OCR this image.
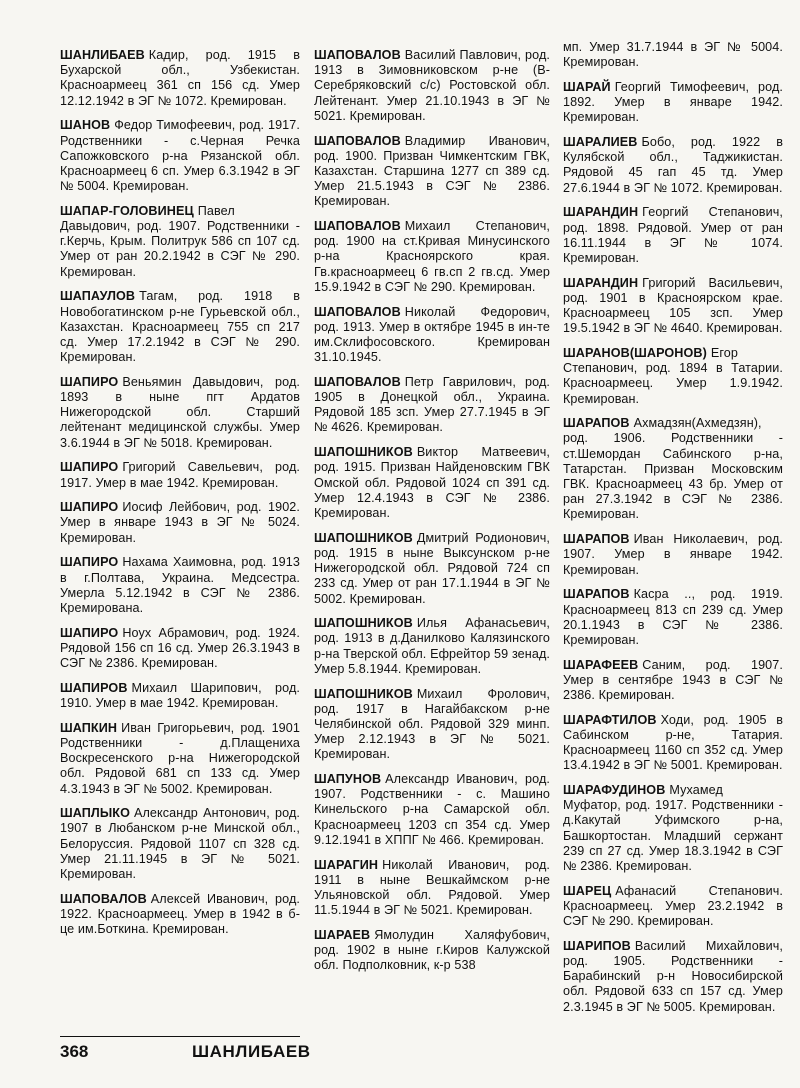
ШАНЛИБАЕВ Кадир, род. 1915 в Бухарской обл., Узбекистан. Красноармеец 361 сп 156 сд. Умер 12.12.1942 в ЭГ № 1072. Кремирован.

ШАНОВ Федор Тимофеевич, род. 1917. Родственники - с.Черная Речка Сапожковского р-на Рязанской обл. Красноармеец 6 сп. Умер 6.3.1942 в ЭГ № 5004. Кремирован.

ШАПАР-ГОЛОВИНЕЦ Павел Давыдович, род. 1907. Родственники - г.Керчь, Крым. Политрук 586 сп 107 сд. Умер от ран 20.2.1942 в СЭГ № 290. Кремирован.

ШАПАУЛОВ Тагам, род. 1918 в Новобогатинском р-не Гурьевской обл., Казахстан. Красноармеец 755 сп 217 сд. Умер 17.2.1942 в СЭГ № 290. Кремирован.

ШАПИРО Веньямин Давыдович, род. 1893 в ныне пгт Ардатов Нижегородской обл. Старший лейтенант медицинской службы. Умер 3.6.1944 в ЭГ № 5018. Кремирован.

ШАПИРО Григорий Савельевич, род. 1917. Умер в мае 1942. Кремирован.

ШАПИРО Иосиф Лейбович, род. 1902. Умер в январе 1943 в ЭГ № 5024. Кремирован.

ШАПИРО Нахама Хаимовна, род. 1913 в г.Полтава, Украина. Медсестра. Умерла 5.12.1942 в СЭГ № 2386. Кремирована.

ШАПИРО Ноух Абрамович, род. 1924. Рядовой 156 сп 16 сд. Умер 26.3.1943 в СЭГ № 2386. Кремирован.

ШАПИРОВ Михаил Шарипович, род. 1910. Умер в мае 1942. Кремирован.

ШАПКИН Иван Григорьевич, род. 1901 Родственники - д.Плащениха Воскресенского р-на Нижегородской обл. Рядовой 681 сп 133 сд. Умер 4.3.1943 в ЭГ № 5002. Кремирован.

ШАПЛЫКО Александр Антонович, род. 1907 в Любанском р-не Минской обл., Белоруссия. Рядовой 1107 сп 328 сд. Умер 21.11.1945 в ЭГ № 5021. Кремирован.

ШАПОВАЛОВ Алексей Иванович, род. 1922. Красноармеец. Умер в 1942 в б-це им.Боткина. Кремирован.

ШАПОВАЛОВ Василий Павлович, род. 1913 в Зимовниковском р-не (В-Серебряковский с/с) Ростовской обл. Лейтенант. Умер 21.10.1943 в ЭГ № 5021. Кремирован.

ШАПОВАЛОВ Владимир Иванович, род. 1900. Призван Чимкентским ГВК, Казахстан. Старшина 1277 сп 389 сд. Умер 21.5.1943 в СЭГ № 2386. Кремирован.

ШАПОВАЛОВ Михаил Степанович, род. 1900 на ст.Кривая Минусинского р-на Красноярского края. Гв.красноармеец 6 гв.сп 2 гв.сд. Умер 15.9.1942 в СЭГ № 290. Кремирован.

ШАПОВАЛОВ Николай Федорович, род. 1913. Умер в октябре 1945 в ин-те им.Склифосовского. Кремирован 31.10.1945.

ШАПОВАЛОВ Петр Гаврилович, род. 1905 в Донецкой обл., Украина. Рядовой 185 зсп. Умер 27.7.1945 в ЭГ № 4626. Кремирован.

ШАПОШНИКОВ Виктор Матвеевич, род. 1915. Призван Найденовским ГВК Омской обл. Рядовой 1024 сп 391 сд. Умер 12.4.1943 в СЭГ № 2386. Кремирован.

ШАПОШНИКОВ Дмитрий Родионович, род. 1915 в ныне Выксунском р-не Нижегородской обл. Рядовой 724 сп 233 сд. Умер от ран 17.1.1944 в ЭГ № 5002. Кремирован.

ШАПОШНИКОВ Илья Афанасьевич, род. 1913 в д.Данилково Калязинского р-на Тверской обл. Ефрейтор 59 зенад. Умер 5.8.1944. Кремирован.

ШАПОШНИКОВ Михаил Фролович, род. 1917 в Нагайбакском р-не Челябинской обл. Рядовой 329 минп. Умер 2.12.1943 в ЭГ № 5021. Кремирован.

ШАПУНОВ Александр Иванович, род. 1907. Родственники - с. Машино Кинельского р-на Самарской обл. Красноармеец 1203 сп 354 сд. Умер 9.12.1941 в ХППГ № 466. Кремирован.

ШАРАГИН Николай Иванович, род. 1911 в ныне Вешкаймском р-не Ульяновской обл. Рядовой. Умер 11.5.1944 в ЭГ № 5021. Кремирован.

ШАРАЕВ Ямолудин Халяфубович, род. 1902 в ныне г.Киров Калужской обл. Подполковник, к-р 538

мп. Умер 31.7.1944 в ЭГ № 5004. Кремирован.

ШАРАЙ Георгий Тимофеевич, род. 1892. Умер в январе 1942. Кремирован.

ШАРАЛИЕВ Бобо, род. 1922 в Кулябской обл., Таджикистан. Рядовой 45 гап 45 тд. Умер 27.6.1944 в ЭГ № 1072. Кремирован.

ШАРАНДИН Георгий Степанович, род. 1898. Рядовой. Умер от ран 16.11.1944 в ЭГ № 1074. Кремирован.

ШАРАНДИН Григорий Васильевич, род. 1901 в Красноярском крае. Красноармеец 105 зсп. Умер 19.5.1942 в ЭГ № 4640. Кремирован.

ШАРАНОВ(ШАРОНОВ) Егор Степанович, род. 1894 в Татарии. Красноармеец. Умер 1.9.1942. Кремирован.

ШАРАПОВ Ахмадзян(Ахмедзян), род. 1906. Родственники - ст.Шемордан Сабинского р-на, Татарстан. Призван Московским ГВК. Красноармеец 43 бр. Умер от ран 27.3.1942 в СЭГ № 2386. Кремирован.

ШАРАПОВ Иван Николаевич, род. 1907. Умер в январе 1942. Кремирован.

ШАРАПОВ Касра .., род. 1919. Красноармеец 813 сп 239 сд. Умер 20.1.1943 в СЭГ № 2386. Кремирован.

ШАРАФЕЕВ Саним, род. 1907. Умер в сентябре 1943 в СЭГ № 2386. Кремирован.

ШАРАФТИЛОВ Ходи, род. 1905 в Сабинском р-не, Татария. Красноармеец 1160 сп 352 сд. Умер 13.4.1942 в ЭГ № 5001. Кремирован.

ШАРАФУДИНОВ Мухамед Муфатор, род. 1917. Родственники - д.Какутай Уфимского р-на, Башкортостан. Младший сержант 239 сп 27 сд. Умер 18.3.1942 в СЭГ № 2386. Кремирован.

ШАРЕЦ Афанасий Степанович. Красноармеец. Умер 23.2.1942 в СЭГ № 290. Кремирован.

ШАРИПОВ Василий Михайлович, род. 1905. Родственники - Барабинский р-н Новосибирской обл. Рядовой 633 сп 157 сд. Умер 2.3.1945 в ЭГ № 5005. Кремирован.

368	ШАНЛИБАЕВ
